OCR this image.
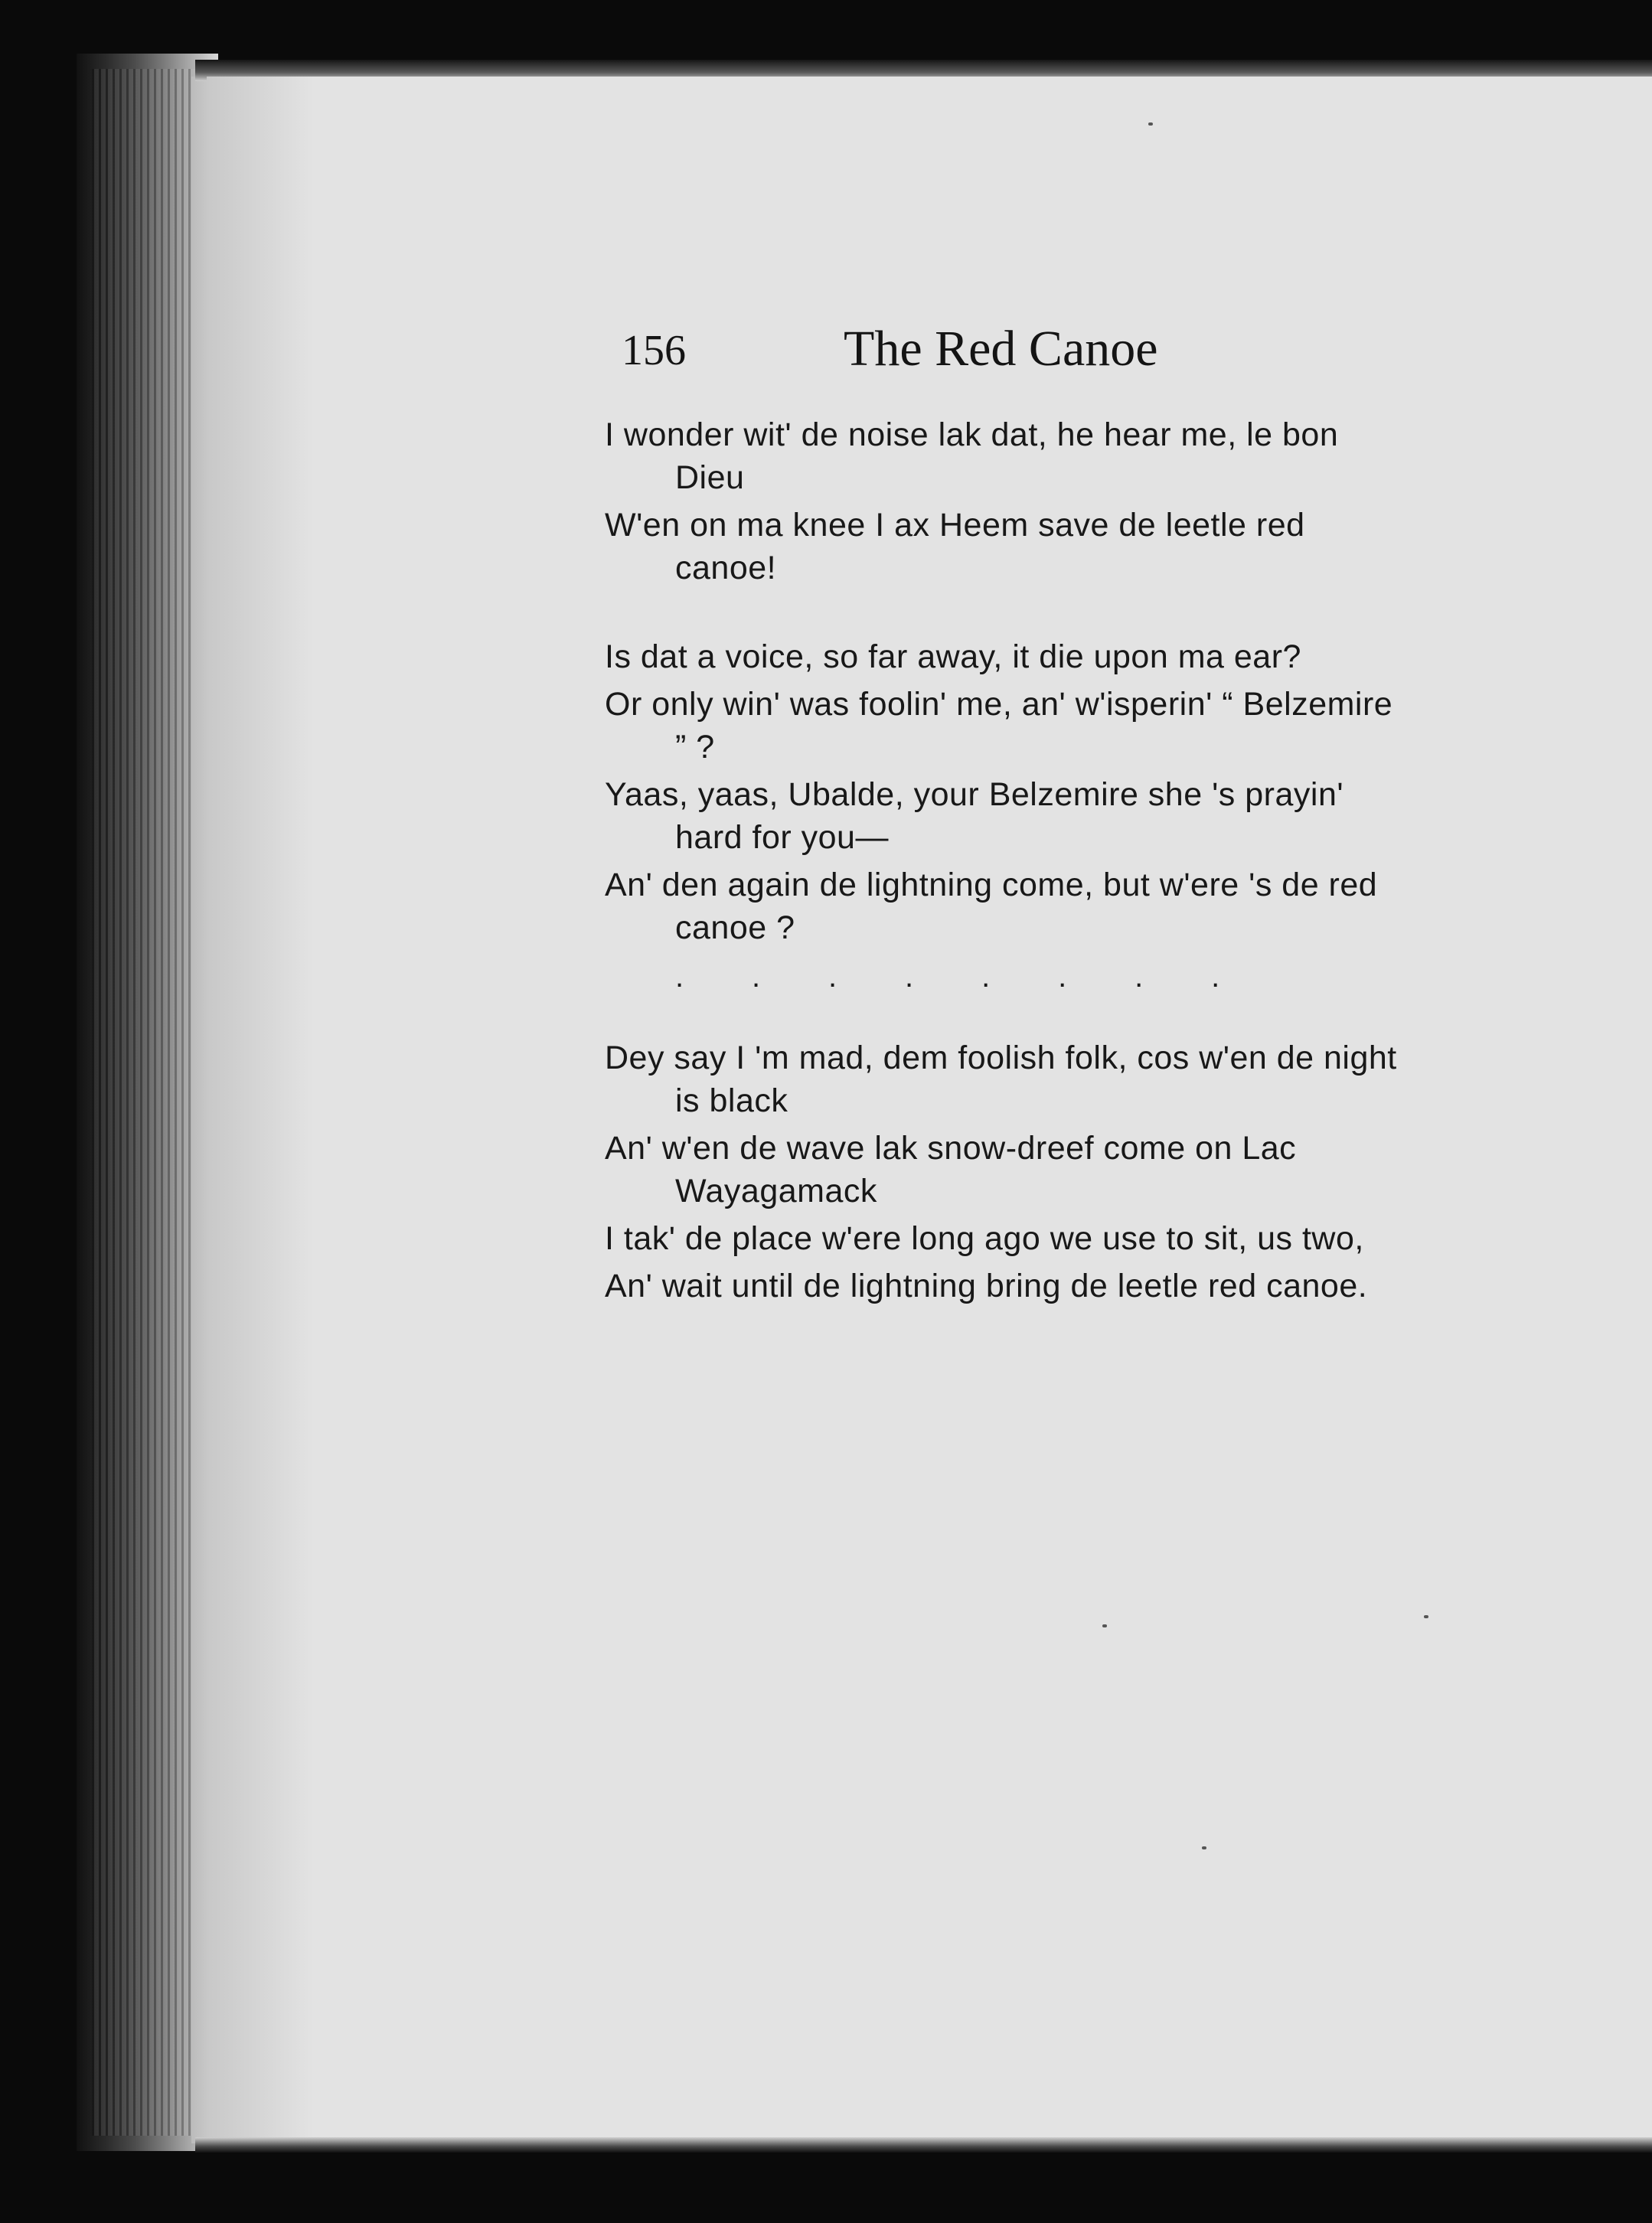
156	The Red Canoe
I wonder wit' de noise lak dat, he hear me, le bon Dieu
W'en on ma knee I ax Heem save de leetle red canoe!
Is dat a voice, so far away, it die upon ma ear?
Or only win' was foolin' me, an' w'isperin' “ Belzemire ” ?
Yaas, yaas, Ubalde, your Belzemire she 's prayin' hard for you—
An' den again de lightning come, but w'ere 's de red canoe ?
.        .        .        .        .        .        .        .
Dey say I 'm mad, dem foolish folk, cos w'en de night is black
An' w'en de wave lak snow-dreef come on Lac Wayagamack
I tak' de place w'ere long ago we use to sit, us two,
An' wait until de lightning bring de leetle red canoe.
